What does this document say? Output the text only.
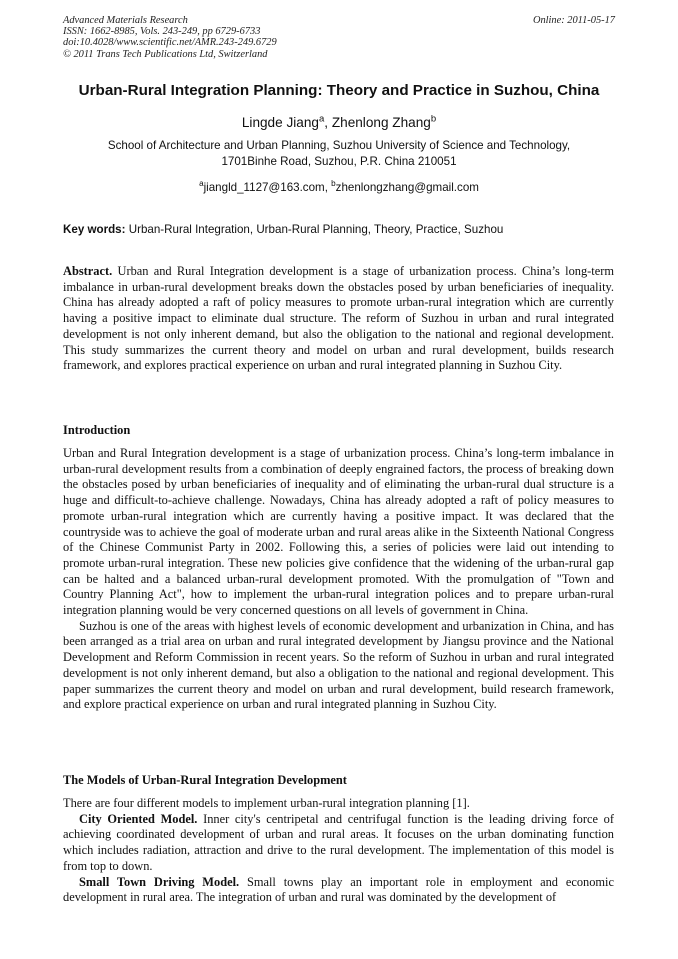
Advanced Materials Research
ISSN: 1662-8985, Vols. 243-249, pp 6729-6733
doi:10.4028/www.scientific.net/AMR.243-249.6729
© 2011 Trans Tech Publications Ltd, Switzerland
Online: 2011-05-17
Urban-Rural Integration Planning: Theory and Practice in Suzhou, China
Lingde Jiang$^a$, Zhenlong Zhang$^b$
School of Architecture and Urban Planning, Suzhou University of Science and Technology,
1701Binhe Road, Suzhou, P.R. China 210051
$^a$jiangld_1127@163.com, $^b$zhenlongzhang@gmail.com
Key words: Urban-Rural Integration, Urban-Rural Planning, Theory, Practice, Suzhou

Abstract. Urban and Rural Integration development is a stage of urbanization process. China’s long-term imbalance in urban-rural development breaks down the obstacles posed by urban beneficiaries of inequality. China has already adopted a raft of policy measures to promote urban-rural integration which are currently having a positive impact to eliminate dual structure. The reform of Suzhou in urban and rural integrated development is not only inherent demand, but also the obligation to the national and regional development. This study summarizes the current theory and model on urban and rural development, builds research framework, and explores practical experience on urban and rural integrated planning in Suzhou City.

Introduction

Urban and Rural Integration development is a stage of urbanization process. China’s long-term imbalance in urban-rural development results from a combination of deeply engrained factors, the process of breaking down the obstacles posed by urban beneficiaries of inequality and of eliminating the urban-rural dual structure is a huge and difficult-to-achieve challenge. Nowadays, China has already adopted a raft of policy measures to promote urban-rural integration which are currently having a positive impact. It was declared that the countryside was to achieve the goal of moderate urban and rural areas alike in the Sixteenth National Congress of the Chinese Communist Party in 2002. Following this, a series of policies were laid out intending to promote urban-rural integration. These new policies give confidence that the widening of the urban-rural gap can be halted and a balanced urban-rural development promoted. With the promulgation of "Town and Country Planning Act", how to implement the urban-rural integration polices and to prepare urban-rural integration planning would be very concerned questions on all levels of government in China.

Suzhou is one of the areas with highest levels of economic development and urbanization in China, and has been arranged as a trial area on urban and rural integrated development by Jiangsu province and the National Development and Reform Commission in recent years. So the reform of Suzhou in urban and rural integrated development is not only inherent demand, but also a obligation to the national and regional development. This paper summarizes the current theory and model on urban and rural development, build research framework, and explore practical experience on urban and rural integrated planning in Suzhou City.

The Models of Urban-Rural Integration Development

There are four different models to implement urban-rural integration planning [1].

City Oriented Model. Inner city's centripetal and centrifugal function is the leading driving force of achieving coordinated development of urban and rural areas. It focuses on the urban dominating function which includes radiation, attraction and drive to the rural development. The implementation of this model is from top to down.

Small Town Driving Model. Small towns play an important role in employment and economic development in rural area. The integration of urban and rural was dominated by the development of
